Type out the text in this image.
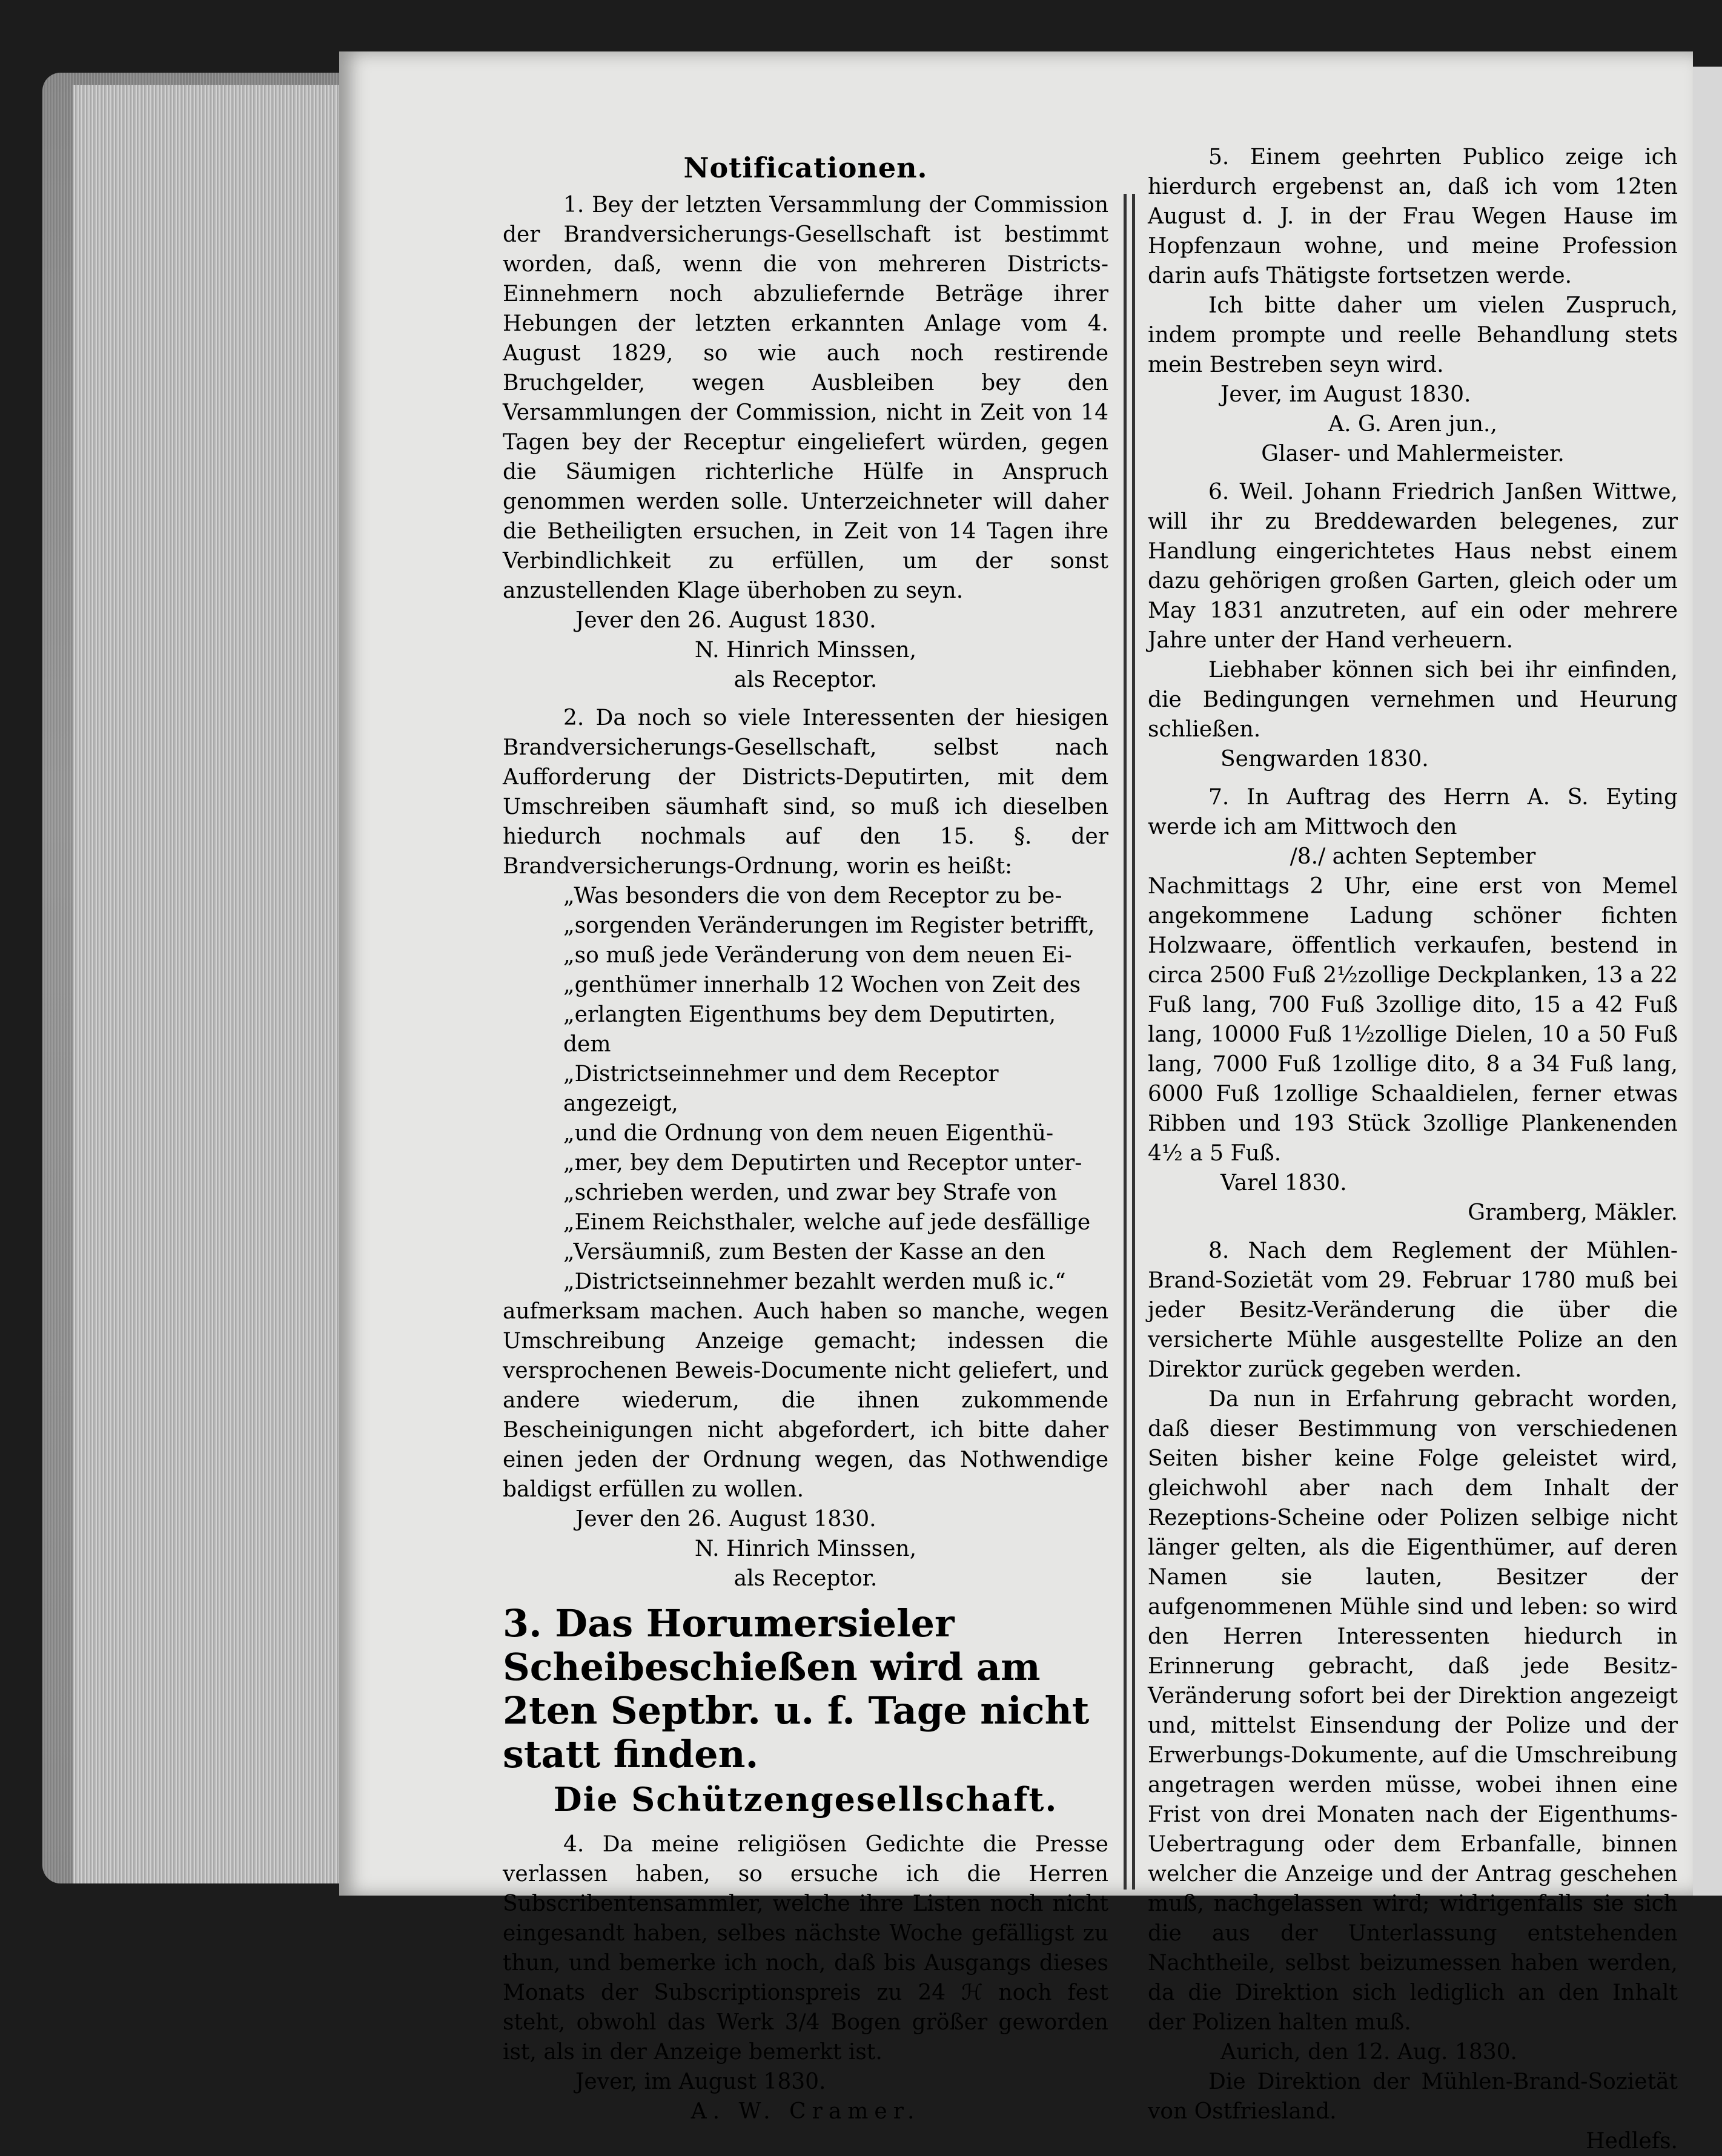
Notificationen.

1. Bey der letzten Versammlung der Commission der Brandversicherungs-Gesellschaft ist bestimmt worden, daß, wenn die von mehreren Districts-Einnehmern noch abzuliefernde Beträge ihrer Hebungen der letzten erkannten Anlage vom 4. August 1829, so wie auch noch restirende Bruchgelder, wegen Ausbleiben bey den Versammlungen der Commission, nicht in Zeit von 14 Tagen bey der Receptur eingeliefert würden, gegen die Säumigen richterliche Hülfe in Anspruch genommen werden solle. Unterzeichneter will daher die Betheiligten ersuchen, in Zeit von 14 Tagen ihre Verbindlichkeit zu erfüllen, um der sonst anzustellenden Klage überhoben zu seyn.

Jever den 26. August 1830.

N. Hinrich Minssen,

als Receptor.

2. Da noch so viele Interessenten der hiesigen Brandversicherungs-Gesellschaft, selbst nach Aufforderung der Districts-Deputirten, mit dem Umschreiben säumhaft sind, so muß ich dieselben hiedurch nochmals auf den 15. §. der Brandversicherungs-Ordnung, worin es heißt:

„Was besonders die von dem Receptor zu be-

„sorgenden Veränderungen im Register betrifft,

„so muß jede Veränderung von dem neuen Ei-

„genthümer innerhalb 12 Wochen von Zeit des

„erlangten Eigenthums bey dem Deputirten, dem

„Districtseinnehmer und dem Receptor angezeigt,

„und die Ordnung von dem neuen Eigenthü-

„mer, bey dem Deputirten und Receptor unter-

„schrieben werden, und zwar bey Strafe von

„Einem Reichsthaler, welche auf jede desfällige

„Versäumniß, zum Besten der Kasse an den

„Districtseinnehmer bezahlt werden muß ic.“

aufmerksam machen. Auch haben so manche, wegen Umschreibung Anzeige gemacht; indessen die versprochenen Beweis-Documente nicht geliefert, und andere wiederum, die ihnen zukommende Bescheinigungen nicht abgefordert, ich bitte daher einen jeden der Ordnung wegen, das Nothwendige baldigst erfüllen zu wollen.

Jever den 26. August 1830.

N. Hinrich Minssen,

als Receptor.

3. Das Horumersieler Scheibeschießen wird am 2ten Septbr. u. f. Tage nicht statt finden.

Die Schützengesellschaft.

4. Da meine religiösen Gedichte die Presse verlassen haben, so ersuche ich die Herren Subscribentensammler, welche ihre Listen noch nicht eingesandt haben, selbes nächste Woche gefälligst zu thun, und bemerke ich noch, daß bis Ausgangs dieses Monats der Subscriptionspreis zu 24 ℋ noch fest steht, obwohl das Werk 3/4 Bogen größer geworden ist, als in der Anzeige bemerkt ist.

Jever, im August 1830.

A. W. Cramer.

5. Einem geehrten Publico zeige ich hierdurch ergebenst an, daß ich vom 12ten August d. J. in der Frau Wegen Hause im Hopfenzaun wohne, und meine Profession darin aufs Thätigste fortsetzen werde.

Ich bitte daher um vielen Zuspruch, indem prompte und reelle Behandlung stets mein Bestreben seyn wird.

Jever, im August 1830.

A. G. Aren jun.,

Glaser- und Mahlermeister.

6. Weil. Johann Friedrich Janßen Wittwe, will ihr zu Breddewarden belegenes, zur Handlung eingerichtetes Haus nebst einem dazu gehörigen großen Garten, gleich oder um May 1831 anzutreten, auf ein oder mehrere Jahre unter der Hand verheuern.

Liebhaber können sich bei ihr einfinden, die Bedingungen vernehmen und Heurung schließen.

Sengwarden 1830.

7. In Auftrag des Herrn A. S. Eyting werde ich am Mittwoch den

/8./ achten September

Nachmittags 2 Uhr, eine erst von Memel angekommene Ladung schöner fichten Holzwaare, öffentlich verkaufen, bestend in circa 2500 Fuß 2½zollige Deckplanken, 13 a 22 Fuß lang, 700 Fuß 3zollige dito, 15 a 42 Fuß lang, 10000 Fuß 1½zollige Dielen, 10 a 50 Fuß lang, 7000 Fuß 1zollige dito, 8 a 34 Fuß lang, 6000 Fuß 1zollige Schaaldielen, ferner etwas Ribben und 193 Stück 3zollige Plankenenden 4½ a 5 Fuß.

Varel 1830.

Gramberg, Mäkler.

8. Nach dem Reglement der Mühlen-Brand-Sozietät vom 29. Februar 1780 muß bei jeder Besitz-Veränderung die über die versicherte Mühle ausgestellte Polize an den Direktor zurück gegeben werden.

Da nun in Erfahrung gebracht worden, daß dieser Bestimmung von verschiedenen Seiten bisher keine Folge geleistet wird, gleichwohl aber nach dem Inhalt der Rezeptions-Scheine oder Polizen selbige nicht länger gelten, als die Eigenthümer, auf deren Namen sie lauten, Besitzer der aufgenommenen Mühle sind und leben: so wird den Herren Interessenten hiedurch in Erinnerung gebracht, daß jede Besitz-Veränderung sofort bei der Direktion angezeigt und, mittelst Einsendung der Polize und der Erwerbungs-Dokumente, auf die Umschreibung angetragen werden müsse, wobei ihnen eine Frist von drei Monaten nach der Eigenthums-Uebertragung oder dem Erbanfalle, binnen welcher die Anzeige und der Antrag geschehen muß, nachgelassen wird; widrigenfalls sie sich die aus der Unterlassung entstehenden Nachtheile, selbst beizumessen haben werden, da die Direktion sich lediglich an den Inhalt der Polizen halten muß.

Aurich, den 12. Aug. 1830.

Die Direktion der Mühlen-Brand-Sozietät von Ostfriesland.

Hedlefs.
